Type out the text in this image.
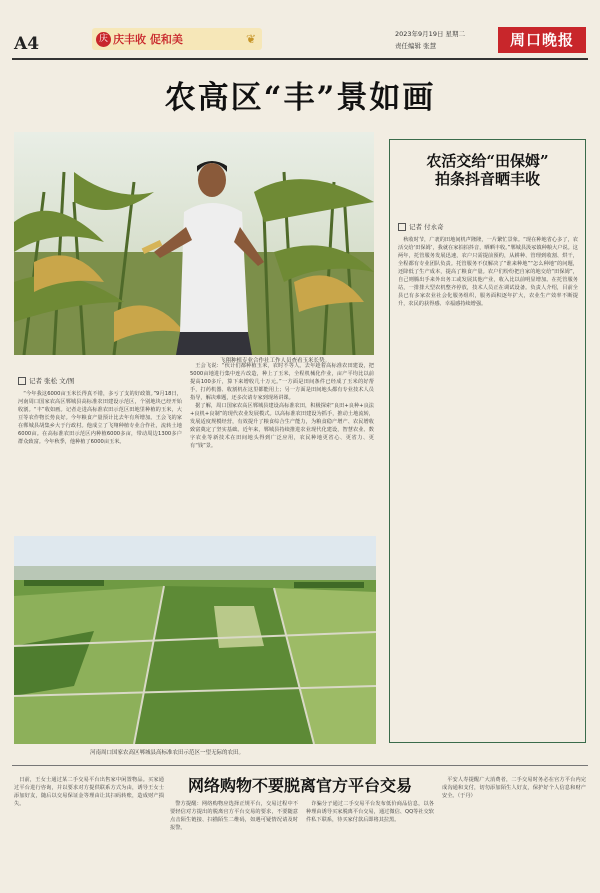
A4	庆 庆丰收 促和美	❦	2023年9月19日 星期二
责任编辑 张慧	周口晚报
农高区“丰”景如画
飞翔种植专业合作社工作人员查看玉米长势。
记者 张松 文/图

“今年我这6000亩玉米长得真不错，多亏了支的好政策。”9月18日，河南周口国家农高区郸城县高标准农田建设示范区，个别地块已经开始收割。“丰”收如画。记者走进高标准农田示范区田地里种植的玉米，大豆等农作物长势良好。今年粮食产量预计比去年有所增加。王会飞的家在郸城县胡集乡大于行政村。他成立了飞翔种植专业合作社，流转土地6000亩。在高标准农田示范区内种植6000多亩，带动周边1300多户群众致富。今年秋季，他种植了6000亩玉米。

王会飞说：“伙计们都种植玉米，农时不等人。去年趁着高标准农田建设，把5000亩地进行集中连片改造，种上了玉米，全程机械化作业，亩产平均比以前提高100多斤，算下来增收几十万元。”一方面是田间条件已经成了玉米的好帮手，打药机器、收割机在这里都能用上；另一方面是田间地头都有专业技术人员指导，解决难题，还多次请专家到现场讲课。

据了解，周口国家农高区郸城县建设高标准农田，积极探索“良田+良种+良法+良机+良制”的现代农业发展模式。以高标准农田建设为抓手，推动土地流转，发展适度规模经营，有效提升了粮食综合生产能力，为粮食稳产增产、农民增收致富奠定了坚实基础。近年来，郸城县持续推进农业现代化建设，智慧农业、数字农业等新技术在田间地头得到广泛应用，农民种地更省心、更省力、更有“钱”景。

河南周口国家农高区郸城县高标准农田示范区一望无际的农田。
农活交给“田保姆”
拍条抖音晒丰收
记者 付永奇

秋收时节，广袤的田地间机声隆隆，一片繁忙景象。“现在种地省心多了，农活交给‘田保姆’，我就在家拍拍抖音，晒晒丰收。”郸城县汲冢镇种粮大户说。这两年，托管服务发展迅速，农户只需提前预约，从耕种、管理到收割、烘干，全程都有专业团队负责。托管服务不仅解决了“谁来种地”“怎么种地”的问题，还降低了生产成本，提高了粮食产量。农户们纷纷把自家的地交给“田保姆”，自己则腾出手来外出务工或发展其他产业，收入比以前明显增加。在托管服务站，一排排大型农机整齐停放，技术人员正在调试设备。负责人介绍，目前全县已有多家农业社会化服务组织，服务面积逐年扩大，农业生产效率不断提升，农民的获得感、幸福感持续增强。

网络购物不要脱离官方平台交易

日前，王女士通过某二手交易平台出售家中闲置物品。买家通过平台进行咨询，并以要求对方提供联系方式为由，诱导王女士添加好友，随后以交易保证金等理由让其扫码转账，造成财产损失。	警方提醒：网络购物应选择正规平台，交易过程中不要轻信对方提出的脱离官方平台交易的要求，不要随意点击陌生链接、扫描陌生二维码，如遇可疑情况请及时报警。

诈骗分子通过二手交易平台发布低价商品信息，以各种理由诱导买家脱离平台交易，通过微信、QQ等社交软件私下联系，待买家付款后即将其拉黑。

平安人寿提醒广大消费者，二手交易时务必在官方平台内完成沟通和支付，切勿添加陌生人好友，保护好个人信息和财产安全。（于丹）
